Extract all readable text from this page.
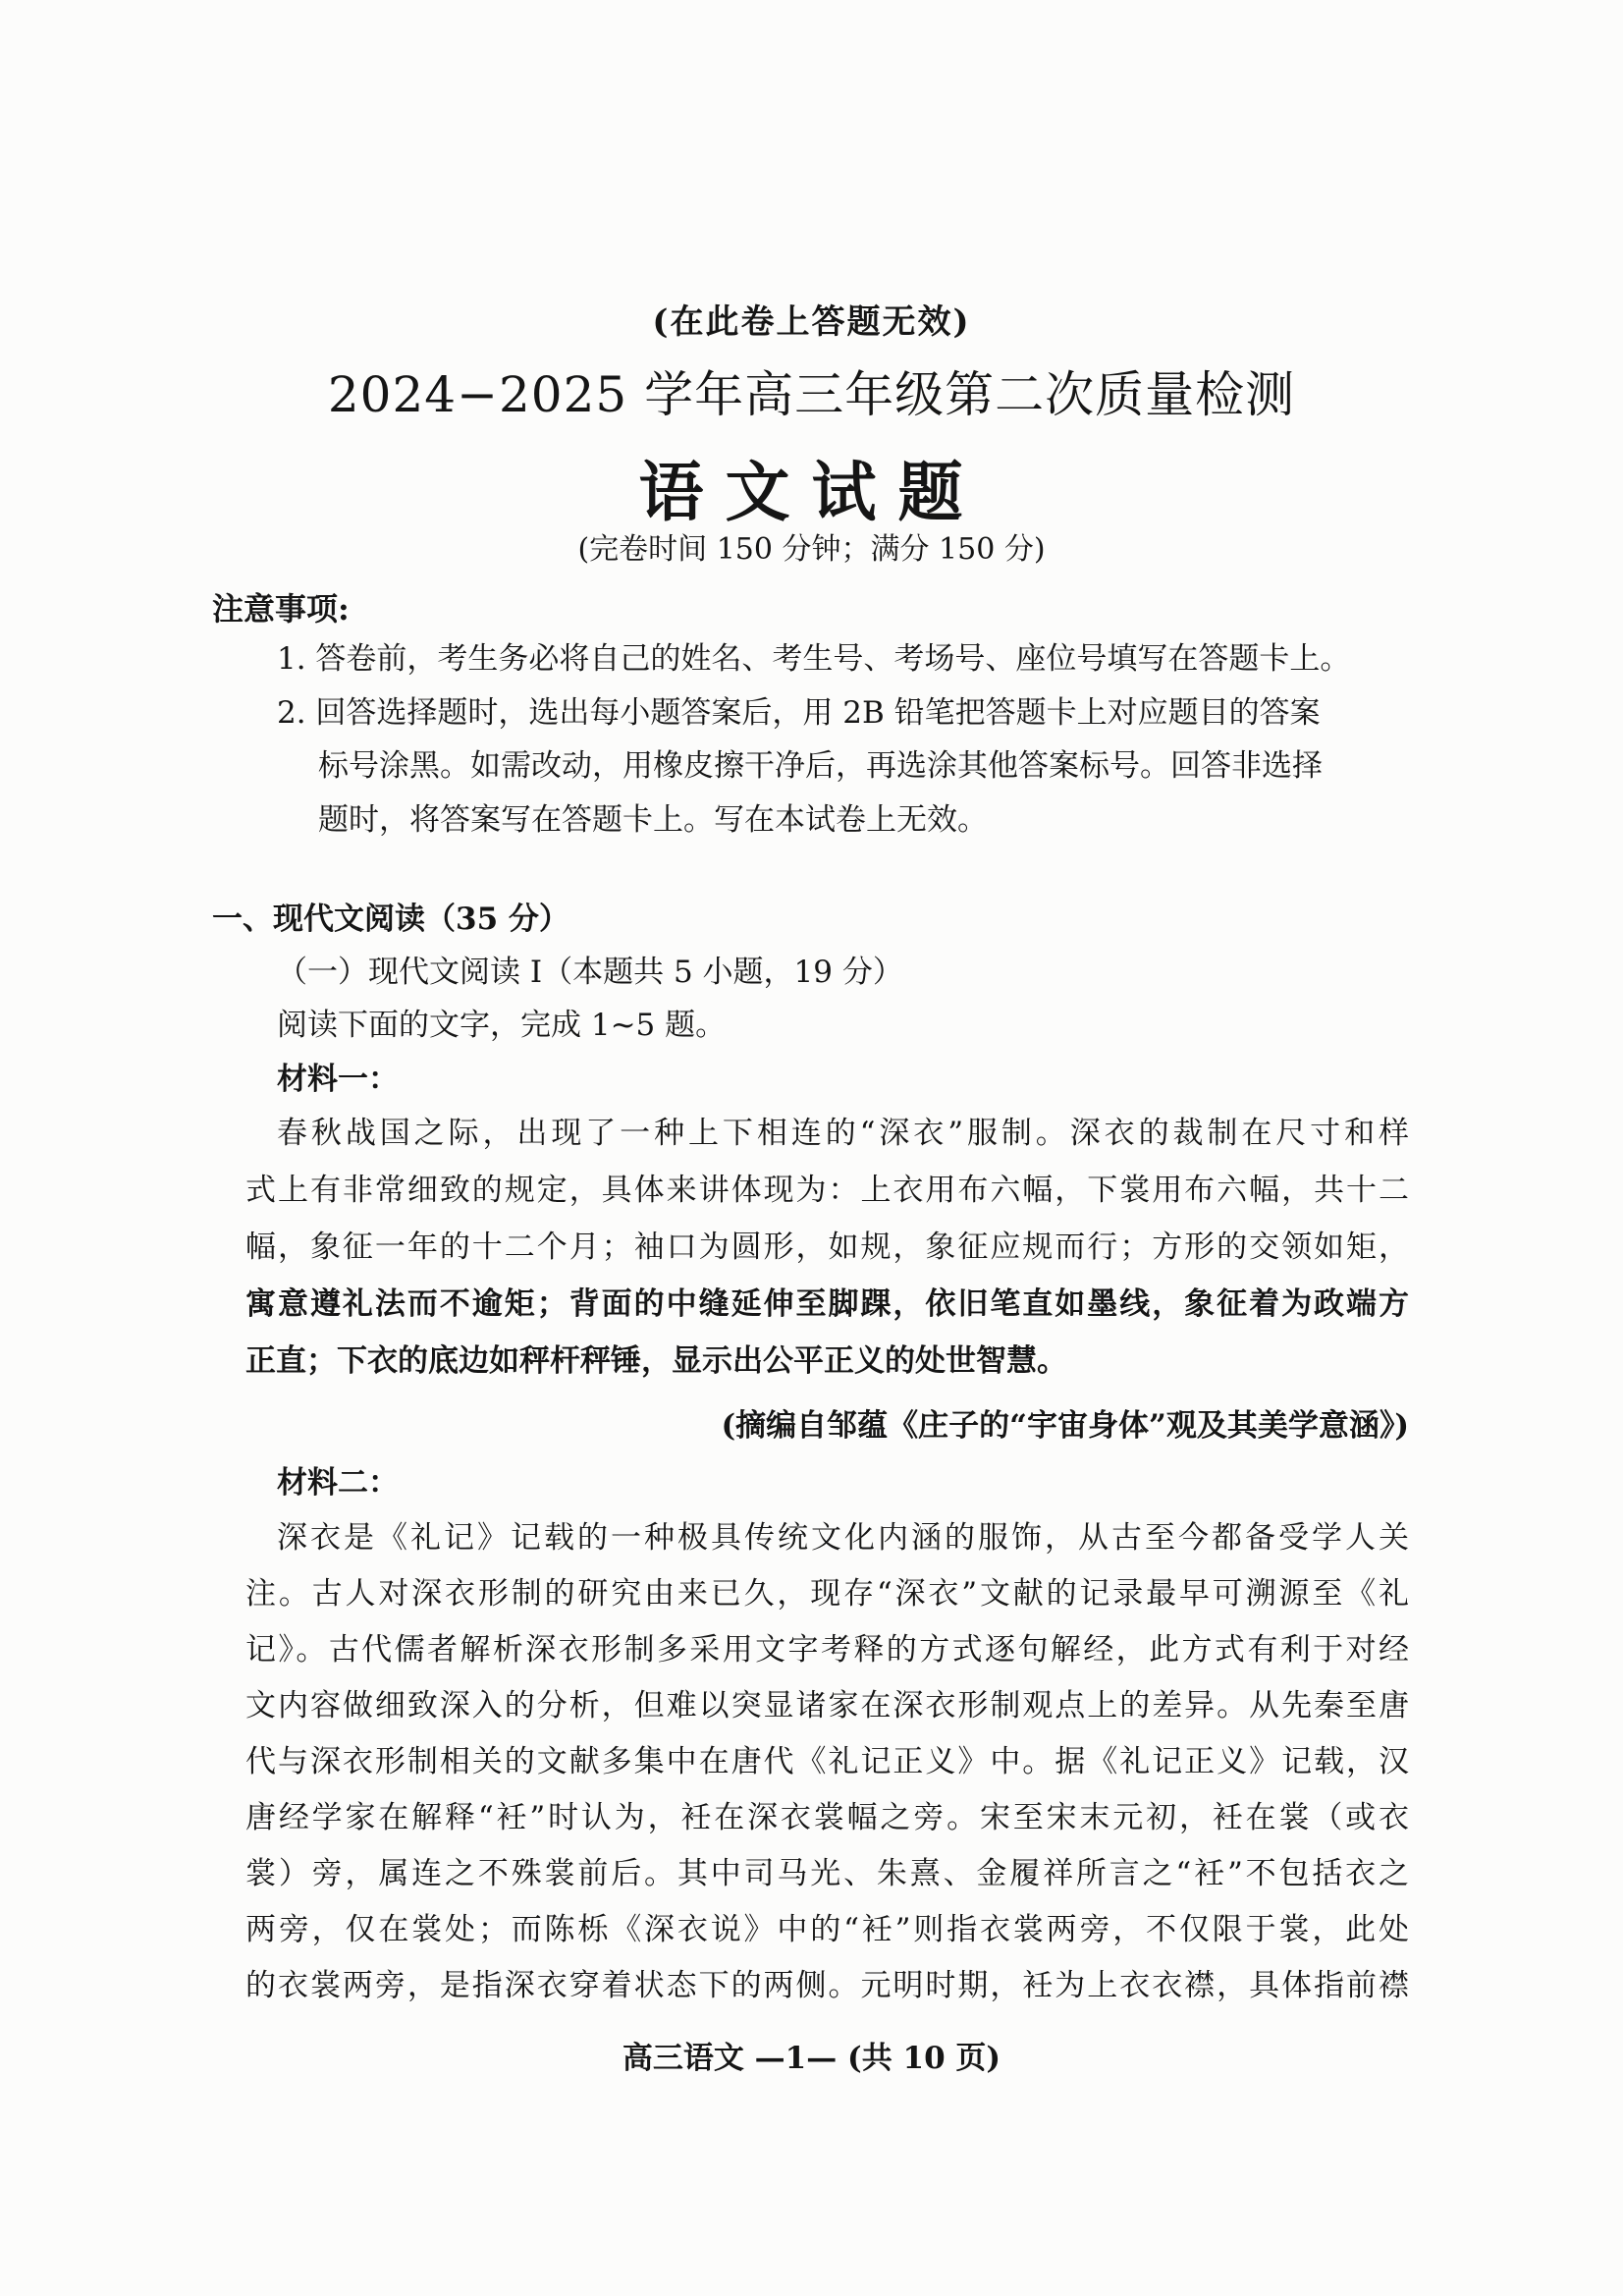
(在此卷上答题无效)
2024−2025 学年高三年级第二次质量检测
语文试题
(完卷时间 150 分钟；满分 150 分)
注意事项:
1. 答卷前，考生务必将自己的姓名、考生号、考场号、座位号填写在答题卡上。
2. 回答选择题时，选出每小题答案后，用 2B 铅笔把答题卡上对应题目的答案
标号涂黑。如需改动，用橡皮擦干净后，再选涂其他答案标号。回答非选择
题时，将答案写在答题卡上。写在本试卷上无效。
一、现代文阅读（35 分）
（一）现代文阅读 I（本题共 5 小题，19 分）
阅读下面的文字，完成 1~5 题。
材料一：
春秋战国之际，出现了一种上下相连的“深衣”服制。深衣的裁制在尺寸和样
式上有非常细致的规定，具体来讲体现为：上衣用布六幅，下裳用布六幅，共十二
幅，象征一年的十二个月；袖口为圆形，如规，象征应规而行；方形的交领如矩，
寓意遵礼法而不逾矩；背面的中缝延伸至脚踝，依旧笔直如墨线，象征着为政端方
正直；下衣的底边如秤杆秤锤，显示出公平正义的处世智慧。
(摘编自邹蕴《庄子的“宇宙身体”观及其美学意涵》)
材料二：
深衣是《礼记》记载的一种极具传统文化内涵的服饰，从古至今都备受学人关
注。古人对深衣形制的研究由来已久，现存“深衣”文献的记录最早可溯源至《礼
记》。古代儒者解析深衣形制多采用文字考释的方式逐句解经，此方式有利于对经
文内容做细致深入的分析，但难以突显诸家在深衣形制观点上的差异。从先秦至唐
代与深衣形制相关的文献多集中在唐代《礼记正义》中。据《礼记正义》记载，汉
唐经学家在解释“衽”时认为，衽在深衣裳幅之旁。宋至宋末元初，衽在裳（或衣
裳）旁，属连之不殊裳前后。其中司马光、朱熹、金履祥所言之“衽”不包括衣之
两旁，仅在裳处；而陈栎《深衣说》中的“衽”则指衣裳两旁，不仅限于裳，此处
的衣裳两旁，是指深衣穿着状态下的两侧。元明时期，衽为上衣衣襟，具体指前襟
高三语文 —1— (共 10 页)
